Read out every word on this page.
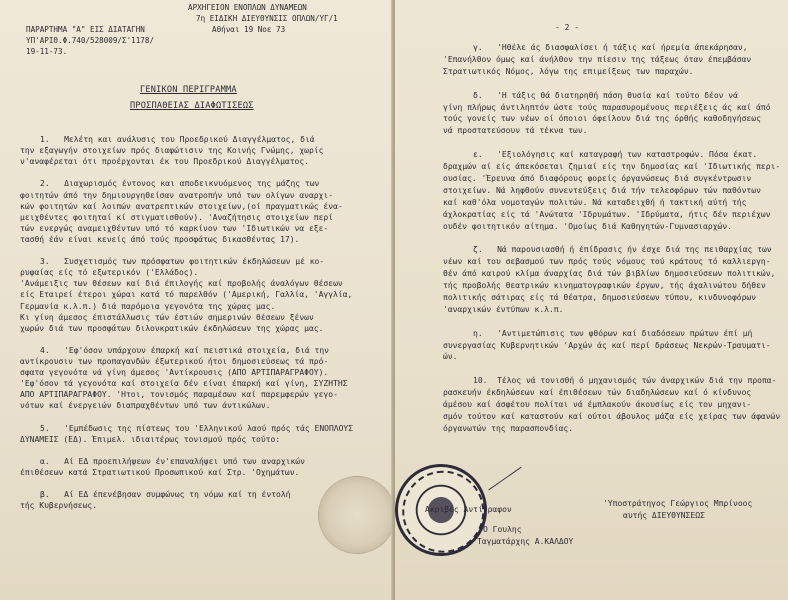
ΑΡΧΗΓΕΙΟΝ ΕΝΟΠΛΩΝ ΔΥΝΑΜΕΩΝ
7η ΕΙΔΙΚΗ ΔΙΕΥΘΥΝΣΙΣ ΟΠΛΩΝ/ΥΓ/1
Αθήναι 19 Νοε 73
ΠΑΡΑΡΤΗΜΑ "Α" ΕΙΣ ΔΙΑΤΑΓΗΝ
ΥΠ'ΑΡΙΘ.Φ.740/528009/Σ'1178/
19-11-73.
ΓΕΝΙΚΟΝ ΠΕΡΙΓΡΑΜΜΑ
ΠΡΟΣΠΑΘΕΙΑΣ ΔΙΑΦΩΤΙΣΕΩΣ
1.   Μελέτη και ανάλυσις του Προεδρικού Διαγγέλματος, διά
την εξαγωγήν στοιχείων πρός διαφώτισιν της Κοινής Γνώμης, χωρίς
ν'αναφέρεται ότι προέρχονται έκ του Προεδρικού Διαγγέλματος.
2.   Διαχωρισμός έντονος και αποδεικνυόμενος της μάζης των
φοιτητών άπό την δημιουργηθείσαν ανατροπήν υπό των ολίγων αναρχι-
κών φοιτητών καί λοιπών ανατρεπτικών στοιχείων,(οί πραγματικώς ένα-
μειχθέντες φοιτηταί κί στιγματισθούν). 'Αναζήτησις στοιχείων περί
τών ενεργώς αναμειχθέντων υπό τό καρκίνον των 'Ιδιωτικών να εξε-
τασθή έάν είναι κενείς άπό τούς προσφάτως δικασθέντας 17).
3.   Συσχετισμός των πρόσφατων φοιτητικών έκδηλώσεων μέ κο-
ρυφαίας είς τό εξωτερικόν ('Ελλάδος).
'Ανάμειξις των θέσεων καί διά έπιλογής καί προβολής άναλόγων θέσεων
είς Εταιρεί έτεροι χώραι κατά τό παρελθόν ('Αμερική, Γαλλία, 'Αγγλία,
Γερμανία κ.λ.π.) διά παρόμοια γεγονότα της χώρας μας.
Κι γίνη άμεσος έπιστάλλωσις τών έστιών σημερινών θέσεων ξένων
χωρών διά των προσφάτων διλονκρατικών έκδηλώσεων της χώρας μας.
4.   'Εφ'όσον υπάρχουν έπαρκή καί πειστικά στοιχεία, διά την
αντίκρουσιν των προπαγανδών έξωτερικού ήτοι δημοσιεύσεως τά πρό-
σφατα γεγονότα νά γίνη άμεσος 'Αντίκρουσις (ΑΠΟ ΑΡΤΙΠΑΡΑΓΡΑΦΟΥ).
'Εφ'όσον τά γεγονότα καί στοιχεία δέν είναι έπαρκή καί γίνη, ΣΥΖΗΤΗΣ
ΑΠΟ ΑΡΤΙΠΑΡΑΓΡΑΦΟΥ. 'Ητοι, τονισμός παραμέσων καί παρεμφερών γεγο-
νότων καί ένεργειών διαπραχθέντων υπό των άντικώλων.
5.   'Εμπέδωσις της πίστεως του 'Ελληνικού λαού πρός τάς ΕΝΟΠΛΟΥΣ
ΔΥΝΑΜΕΙΣ (ΕΔ). Έπιμελ. ιδιαιτέρως τονισμού πρός τούτο:
α.   Αί ΕΔ προεπιλήψεων έν'επαναλήψει υπό των αναρχικών
έπιθέσεων κατά Στρατιωτικού Προσωπικού καί Στρ. 'Οχημάτων.
β.   Αί ΕΔ έπενέβησαν συμφώνως τη νόμω καί τη έντολή
τής Κυβερνήσεως.
- 2 -
γ.   'Ηθέλε άς διασφαλίσει ή τάξις καί ήρεμία άπεκάρησαν,
'Επανήλθον όμως καί άνήλθον την πίεσιν της τάξεως όταν έπεμβάσαν
Στρατιωτικός Νόμος, λόγω της επιμείξεως των παραχών.
δ.   'Η τάξις θά διατηρηθή πάση θυσία καί τούτο δέον νά
γίνη πλήρως άντιληπτόν ώστε τούς παρασυρομένους περιέξεις άς καί άπό
τούς γονείς των νέων οί όποιοι όφείλουν διά της όρθής καθοδηγήσεως
νά προστατεύσουν τά τέκνα των.
ε.   'Εξιολόγησις καί καταγραφή των καταστροφών. Πόσα έκατ.
δραχμών αί είς άπεκόσεται ζημιαί είς την δημοσίας καί 'Ιδιωτικής περι-
ουσίας. 'Έρευνα άπό διαφόρους φορείς όργανώσεως διά συγκέντρωσιν
στοιχείων. Νά ληφθούν συνεντεύξεις διά τήν τελεσφόρων τών παθόντων
καί καθ'όλα νομοταγών πολιτών. Νά καταδειχθή ή τακτική αύτή τής
άχλοκρατίας είς τά 'Ανώτατα 'Ιδρυμάτων. 'Ιδρύματα, ήτις δέν περιέχων
ουδέν φοιτητικόν αίτημα. 'Ομοίως διά Καθηγητών-Γυμνασιαρχών.
ζ.   Νά παρουσιασθή ή έπίδρασις ήν έσχε διά της πειθαρχίας των
νέων καί του σεβασμού των πρός τούς νόμους τού κράτους τό καλλιεργη-
θέν άπό καιρού κλίμα άναρχίας διά τών βιβλίων δημοσιεύσεων πολιτικών,
τής προβολής θεατρικών κινηματογραφικών έργων, τής άχαλινώτου δήθεν
πολιτικής σάτιρας είς τά θέατρα, δημοσιεύσεων τύπου, κινδυνοφόρων
'αναρχικών έντύπων κ.λ.π.
η.   'Αντιμετώπισις των φθόρων καί διαδόσεων πρώτων έπί μή
συνεργασίας Κυβερνητικών 'Αρχών άς καί περί δράσεως Νεκρών-Τραυματι-
ών.
10.  Τέλος νά τονισθή ό μηχανισμός τών άναρχικών διά την προπα-
ρασκευήν έκδηλώσεων καί έπιθέσεων τών διαδηλώσεων καί ό κίνδυνος
άμέσου καί άσφέτου πολίται νά έμπλακούν άκουσίως είς τον μηχανι-
σμόν τούτον καί καταστούν καί ούτοι άβουλος μάζα είς χείρας των άφανών
όργανωτών της παρασπονδίας.
Ακριβές Αντίγραφον
Ό Γουλης
Ταγματάρχης Α.ΚΑΛΔΟΥ
'Υποστράτηγος Γεώργιος Μπρίνοος
αυτής ΔΙΕΥΘΥΝΣΕΩΣ
